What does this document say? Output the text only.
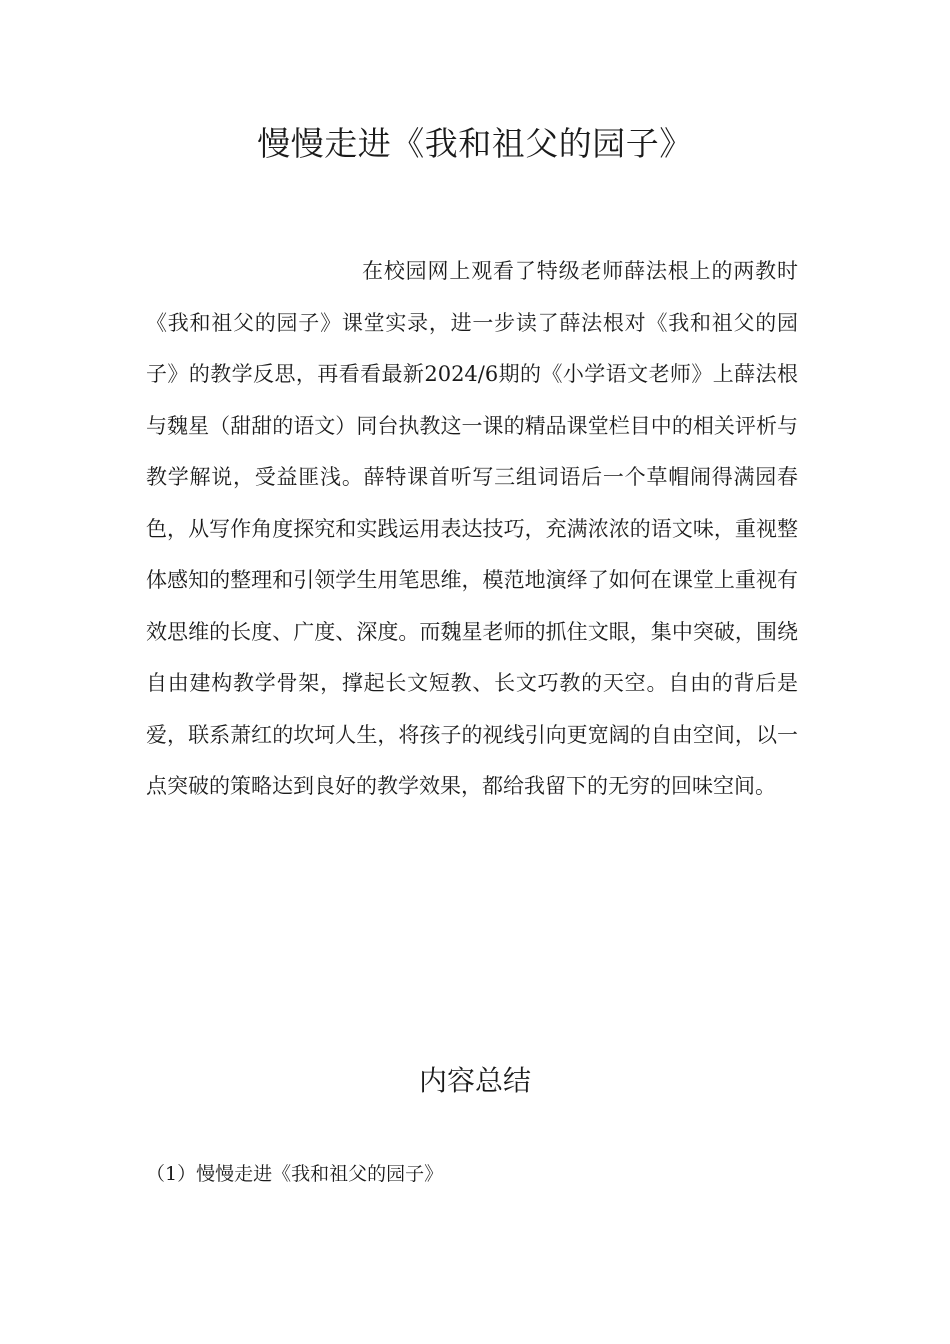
慢慢走进《我和祖父的园子》

在校园网上观看了特级老师薛法根上的两教时《我和祖父的园子》课堂实录，进一步读了薛法根对《我和祖父的园子》的教学反思，再看看最新2024/6期的《小学语文老师》上薛法根与魏星（甜甜的语文）同台执教这一课的精品课堂栏目中的相关评析与教学解说，受益匪浅。薛特课首听写三组词语后一个草帽闹得满园春色，从写作角度探究和实践运用表达技巧，充满浓浓的语文味，重视整体感知的整理和引领学生用笔思维，模范地演绎了如何在课堂上重视有效思维的长度、广度、深度。而魏星老师的抓住文眼，集中突破，围绕自由建构教学骨架，撑起长文短教、长文巧教的天空。自由的背后是爱，联系萧红的坎坷人生，将孩子的视线引向更宽阔的自由空间，以一点突破的策略达到良好的教学效果，都给我留下的无穷的回味空间。

内容总结

（1）慢慢走进《我和祖父的园子》
